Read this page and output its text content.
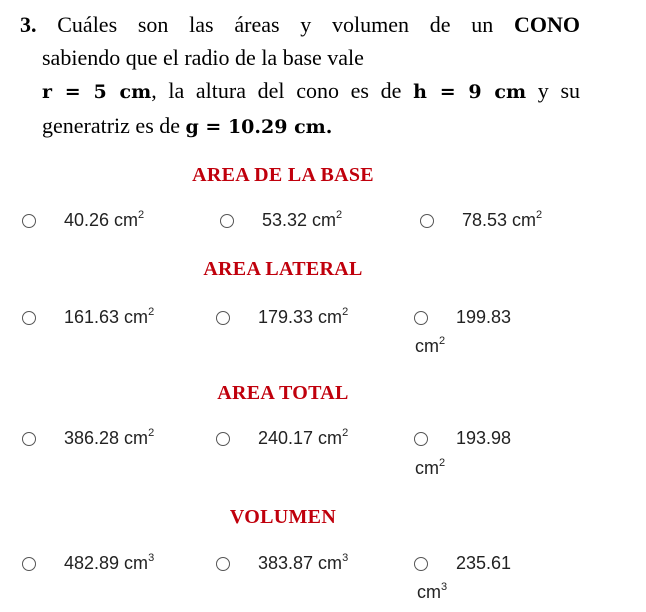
3. Cuáles son las áreas y volumen de un CONO

sabiendo que el radio de la base vale

r = 5 cm, la altura del cono es de h = 9 cm y su

generatriz es de g = 10.29 cm.

AREA DE LA BASE
40.26 $cm^2$	53.32 $cm^2$	78.53 $cm^2$
AREA LATERAL
161.63 $cm^2$	179.33 $cm^2$	199.83
$cm^2$
AREA TOTAL
386.28 $cm^2$	240.17 $cm^2$	193.98
$cm^2$
VOLUMEN
482.89 $cm^3$	383.87 $cm^3$	235.61
$cm^3$
